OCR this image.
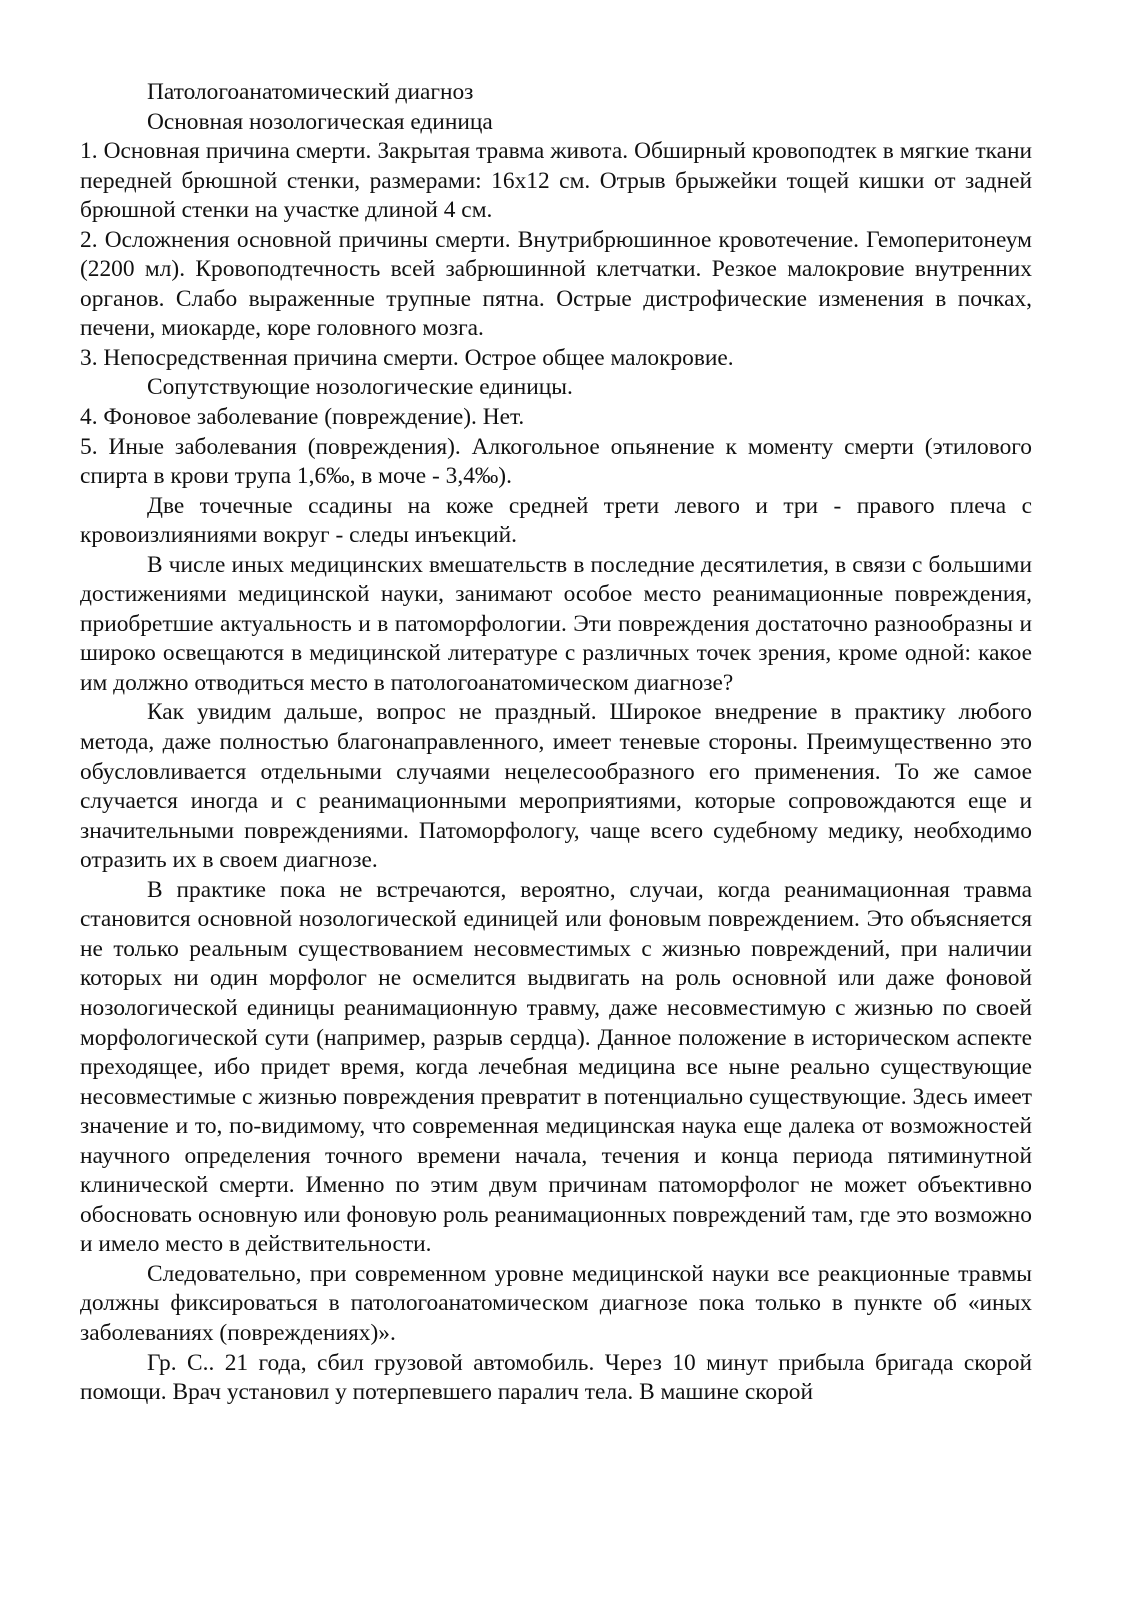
Патологоанатомический диагноз

Основная нозологическая единица

1. Основная причина смерти. Закрытая травма живота. Обширный кровоподтек в мягкие ткани передней брюшной стенки, размерами: 16х12 см. Отрыв брыжейки тощей кишки от задней брюшной стенки на участке длиной 4 см.

2. Осложнения основной причины смерти. Внутрибрюшинное кровотечение. Гемоперитонеум (2200 мл). Кровоподтечность всей забрюшинной клетчатки. Резкое малокровие внутренних органов. Слабо выраженные трупные пятна. Острые дистрофические изменения в почках, печени, миокарде, коре головного мозга.

3. Непосредственная причина смерти. Острое общее малокровие.

Сопутствующие нозологические единицы.

4. Фоновое заболевание (повреждение). Нет.

5. Иные заболевания (повреждения). Алкогольное опьянение к моменту смерти (этилового спирта в крови трупа 1,6‰, в моче - 3,4‰).

Две точечные ссадины на коже средней трети левого и три - правого плеча с кровоизлияниями вокруг - следы инъекций.

В числе иных медицинских вмешательств в последние десятилетия, в связи с большими достижениями медицинской науки, занимают особое место реанимационные повреждения, приобретшие актуальность и в патоморфологии. Эти повреждения достаточно разнообразны и широко освещаются в медицинской литературе с различных точек зрения, кроме одной: какое им должно отводиться место в патологоанатомическом диагнозе?

Как увидим дальше, вопрос не праздный. Широкое внедрение в практику любого метода, даже полностью благонаправленного, имеет теневые стороны. Преимущественно это обусловливается отдельными случаями нецелесообразного его применения. То же самое случается иногда и с реанимационными мероприятиями, которые сопровождаются еще и значительными повреждениями. Патоморфологу, чаще всего судебному медику, необходимо отразить их в своем диагнозе.

В практике пока не встречаются, вероятно, случаи, когда реанимационная травма становится основной нозологической единицей или фоновым повреждением. Это объясняется не только реальным существованием несовместимых с жизнью повреждений, при наличии которых ни один морфолог не осмелится выдвигать на роль основной или даже фоновой нозологической единицы реанимационную травму, даже несовместимую с жизнью по своей морфологической сути (например, разрыв сердца). Данное положение в историческом аспекте преходящее, ибо придет время, когда лечебная медицина все ныне реально существующие несовместимые с жизнью повреждения превратит в потенциально существующие. Здесь имеет значение и то, по-видимому, что современная медицинская наука еще далека от возможностей научного определения точного времени начала, течения и конца периода пятиминутной клинической смерти. Именно по этим двум причинам патоморфолог не может объективно обосновать основную или фоновую роль реанимационных повреждений там, где это возможно и имело место в действительности.

Следовательно, при современном уровне медицинской науки все реакционные травмы должны фиксироваться в патологоанатомическом диагнозе пока только в пункте об «иных заболеваниях (повреждениях)».

Гр. С.. 21 года, сбил грузовой автомобиль. Через 10 минут прибыла бригада скорой помощи. Врач установил у потерпевшего паралич тела. В машине скорой
